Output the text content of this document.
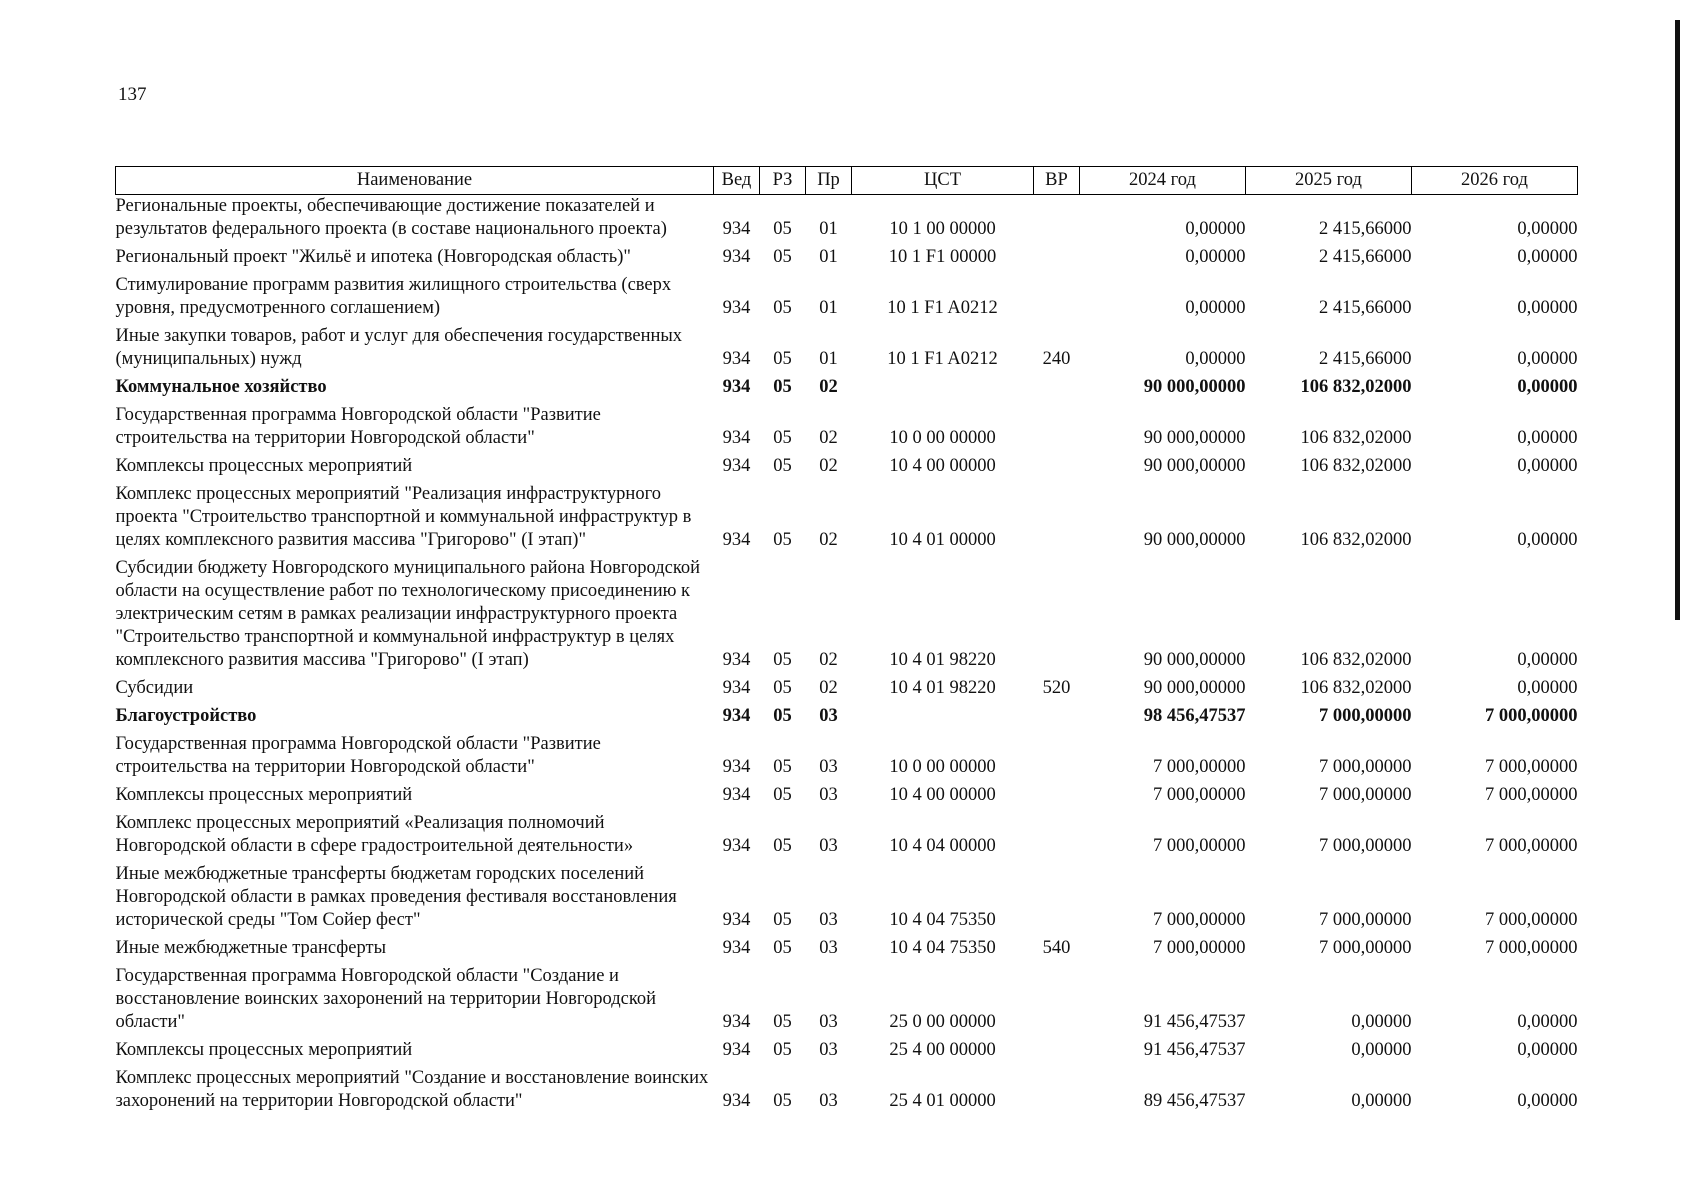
137
Наименование	Вед	РЗ	Пр	ЦСТ	ВР	2024 год	2025 год	2026 год
Региональные проекты, обеспечивающие достижение показателей и результатов федерального проекта (в составе национального проекта)	934	05	01	10 1 00 00000		0,00000	2 415,66000	0,00000
Региональный проект "Жильё и ипотека (Новгородская область)"	934	05	01	10 1 F1 00000		0,00000	2 415,66000	0,00000
Стимулирование программ развития жилищного строительства (сверх уровня, предусмотренного соглашением)	934	05	01	10 1 F1 A0212		0,00000	2 415,66000	0,00000
Иные закупки товаров, работ и услуг для обеспечения государственных (муниципальных) нужд	934	05	01	10 1 F1 A0212	240	0,00000	2 415,66000	0,00000
Коммунальное хозяйство	934	05	02			90 000,00000	106 832,02000	0,00000
Государственная программа Новгородской области "Развитие строительства на территории Новгородской области"	934	05	02	10 0 00 00000		90 000,00000	106 832,02000	0,00000
Комплексы процессных мероприятий	934	05	02	10 4 00 00000		90 000,00000	106 832,02000	0,00000
Комплекс процессных мероприятий "Реализация инфраструктурного проекта "Строительство транспортной и коммунальной инфраструктур в целях комплексного развития массива "Григорово" (I этап)"	934	05	02	10 4 01 00000		90 000,00000	106 832,02000	0,00000
Субсидии бюджету Новгородского муниципального района Новгородской области на осуществление работ по технологическому присоединению к электрическим сетям в рамках реализации инфраструктурного проекта "Строительство транспортной и коммунальной инфраструктур в целях комплексного развития массива "Григорово" (I этап)	934	05	02	10 4 01 98220		90 000,00000	106 832,02000	0,00000
Субсидии	934	05	02	10 4 01 98220	520	90 000,00000	106 832,02000	0,00000
Благоустройство	934	05	03			98 456,47537	7 000,00000	7 000,00000
Государственная программа Новгородской области "Развитие строительства на территории Новгородской области"	934	05	03	10 0 00 00000		7 000,00000	7 000,00000	7 000,00000
Комплексы процессных мероприятий	934	05	03	10 4 00 00000		7 000,00000	7 000,00000	7 000,00000
Комплекс процессных мероприятий «Реализация полномочий Новгородской области в сфере градостроительной деятельности»	934	05	03	10 4 04 00000		7 000,00000	7 000,00000	7 000,00000
Иные межбюджетные трансферты бюджетам городских поселений Новгородской области в рамках проведения фестиваля восстановления исторической среды "Том Сойер фест"	934	05	03	10 4 04 75350		7 000,00000	7 000,00000	7 000,00000
Иные межбюджетные трансферты	934	05	03	10 4 04 75350	540	7 000,00000	7 000,00000	7 000,00000
Государственная программа Новгородской области "Создание и восстановление воинских захоронений на территории Новгородской области"	934	05	03	25 0 00 00000		91 456,47537	0,00000	0,00000
Комплексы процессных мероприятий	934	05	03	25 4 00 00000		91 456,47537	0,00000	0,00000
Комплекс процессных мероприятий "Создание и восстановление воинских захоронений на территории Новгородской области"	934	05	03	25 4 01 00000		89 456,47537	0,00000	0,00000
